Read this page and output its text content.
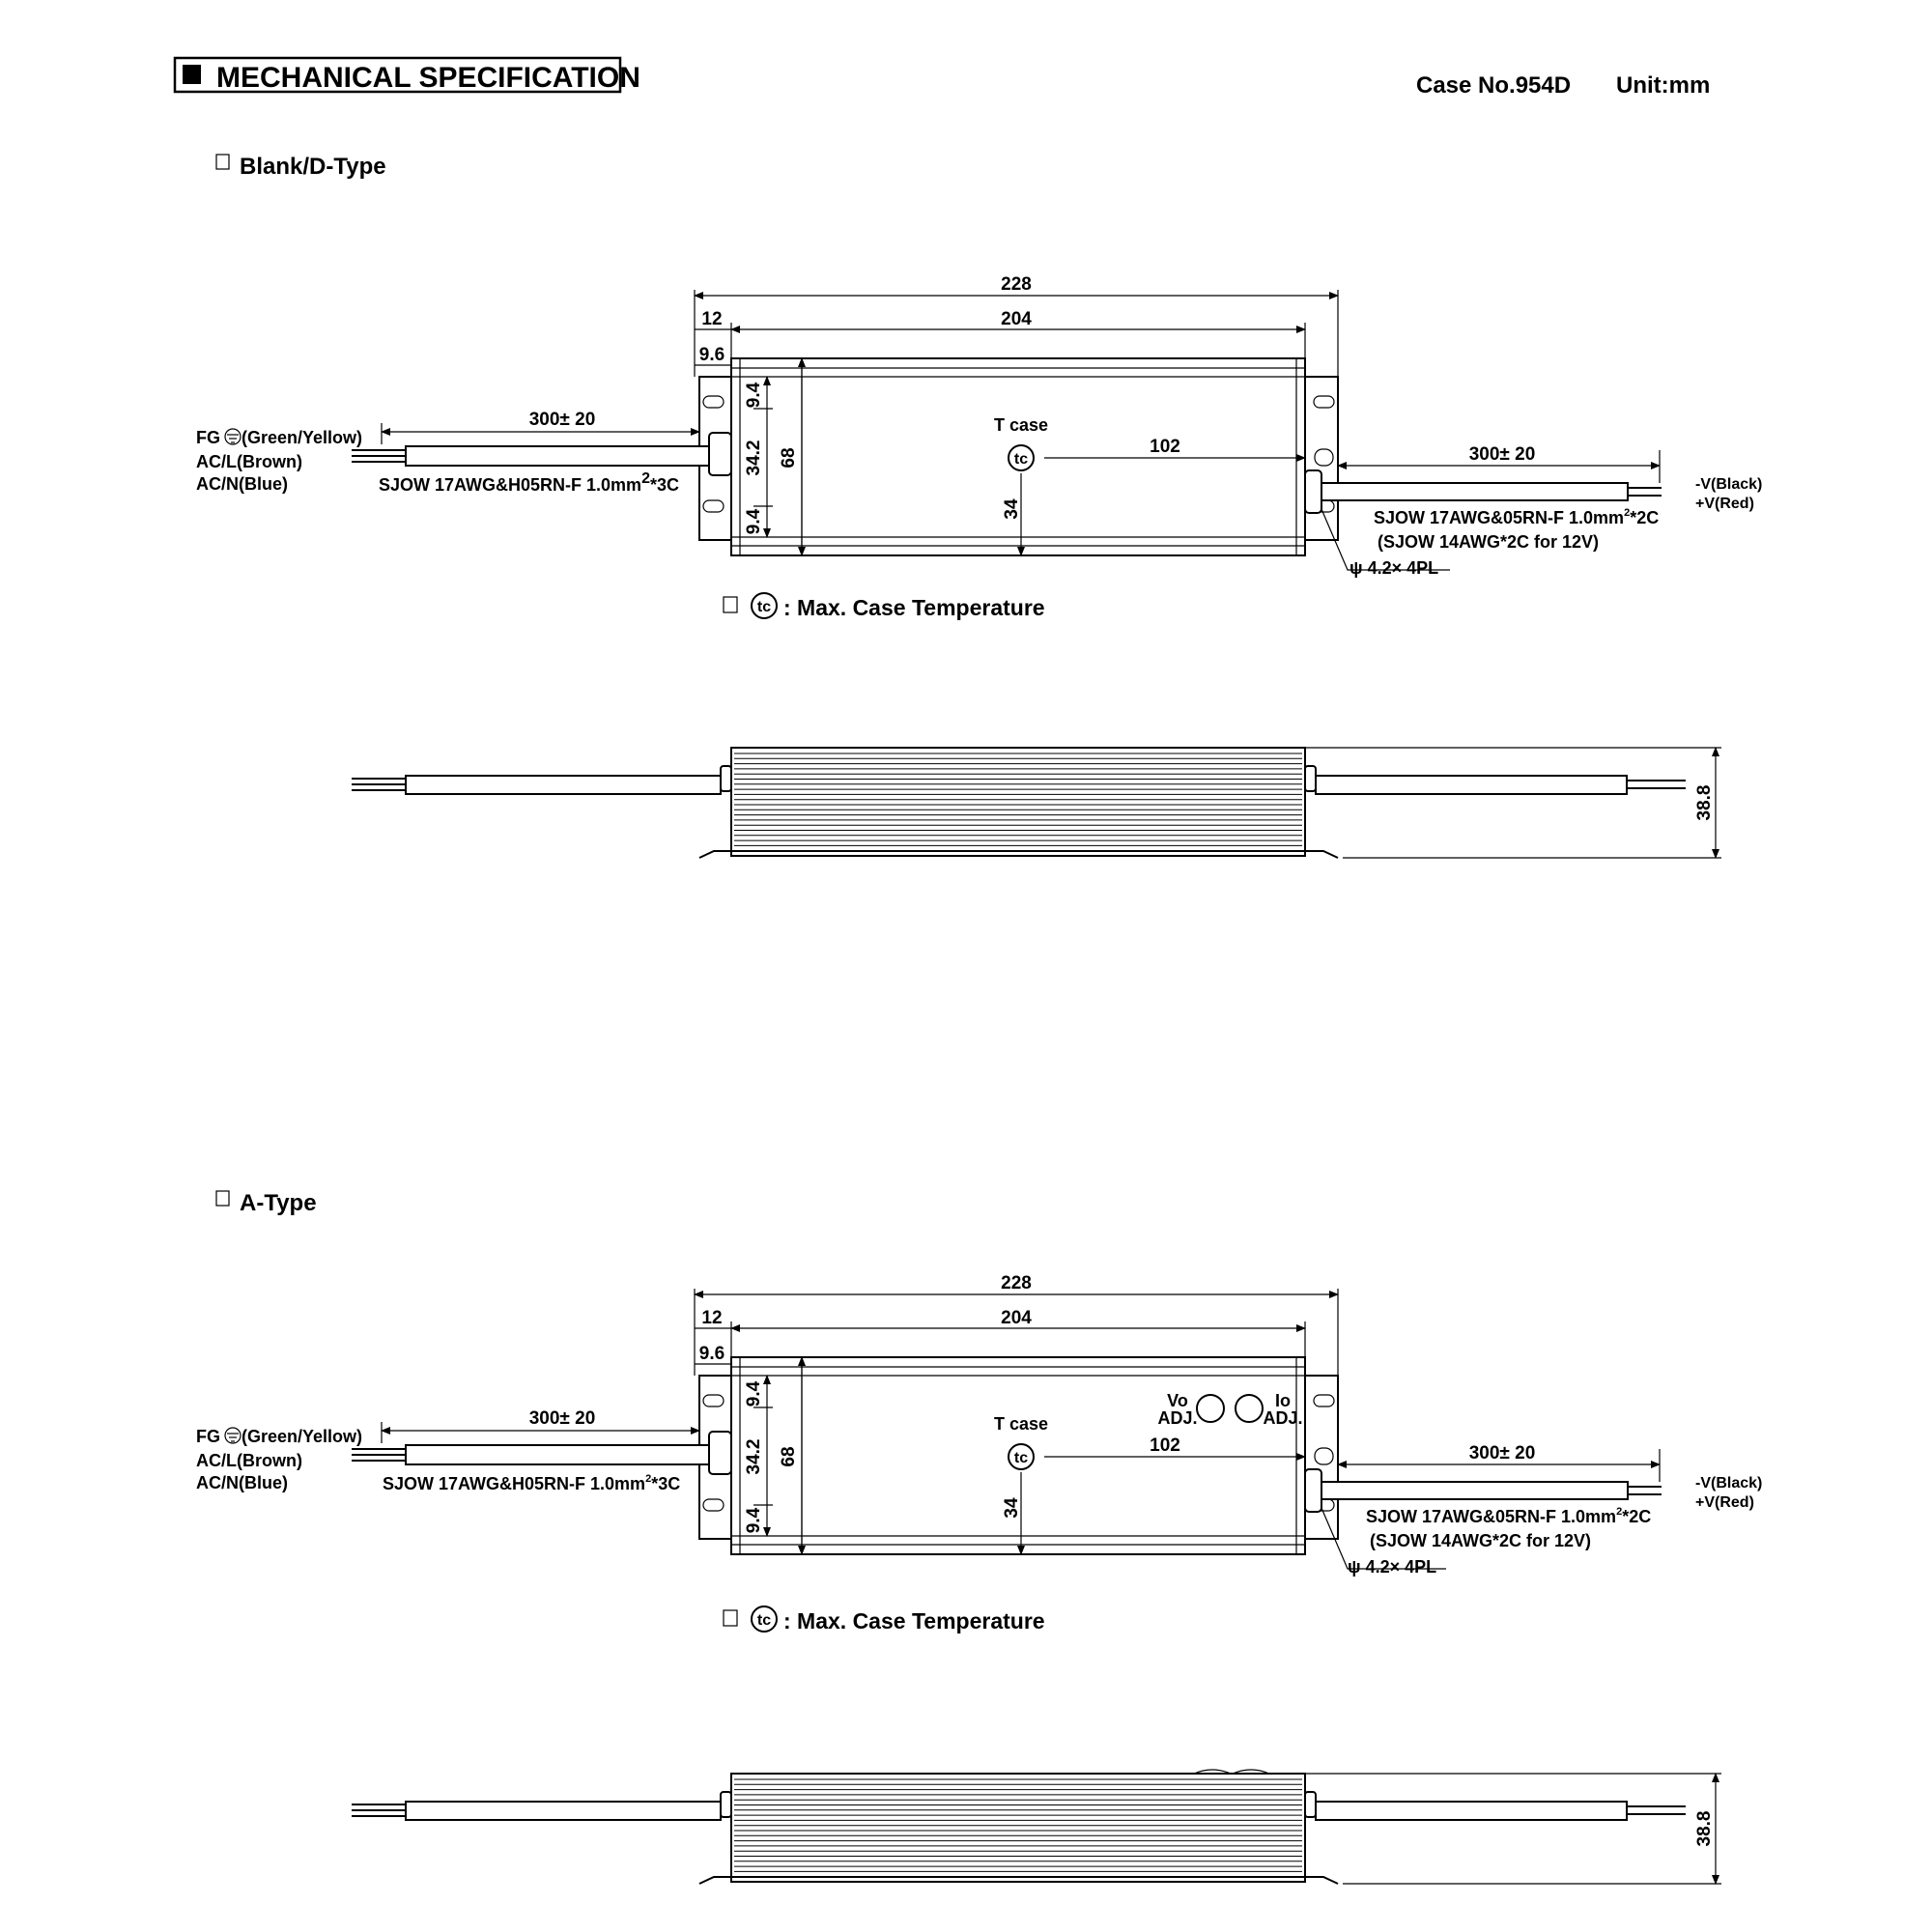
MECHANICAL SPECIFICATION	Case No.954D Unit:mm
Blank/D-Type
228
204
12
9.6
9.4
34.2
9.4
68
T case
tc
102
34
300± 20
300± 20
FG (Green/Yellow)
AC/L(Brown)
AC/N(Blue)	SJOW 17AWG&H05RN-F 1.0mm2*3C	-V(Black)
+V(Red)
SJOW 17AWG&05RN-F $1.0mm^2*2C$
(SJOW 14AWG*2C for 12V)
ψ 4.2× 4PL
tc : Max. Case Temperature
38.8
A-Type
228
204
12
9.6
9.4
34.2
9.4
68
Vo
ADJ.
Io
ADJ.
T case
tc
102
34
300± 20
300± 20
FG (Green/Yellow)
AC/L(Brown)
AC/N(Blue)	SJOW 17AWG&H05RN-F $1.0mm^2*3C$	-V(Black)
+V(Red)
SJOW 17AWG&05RN-F $1.0mm^2*2C$
(SJOW 14AWG*2C for 12V)
ψ 4.2× 4PL
tc : Max. Case Temperature
38.8
